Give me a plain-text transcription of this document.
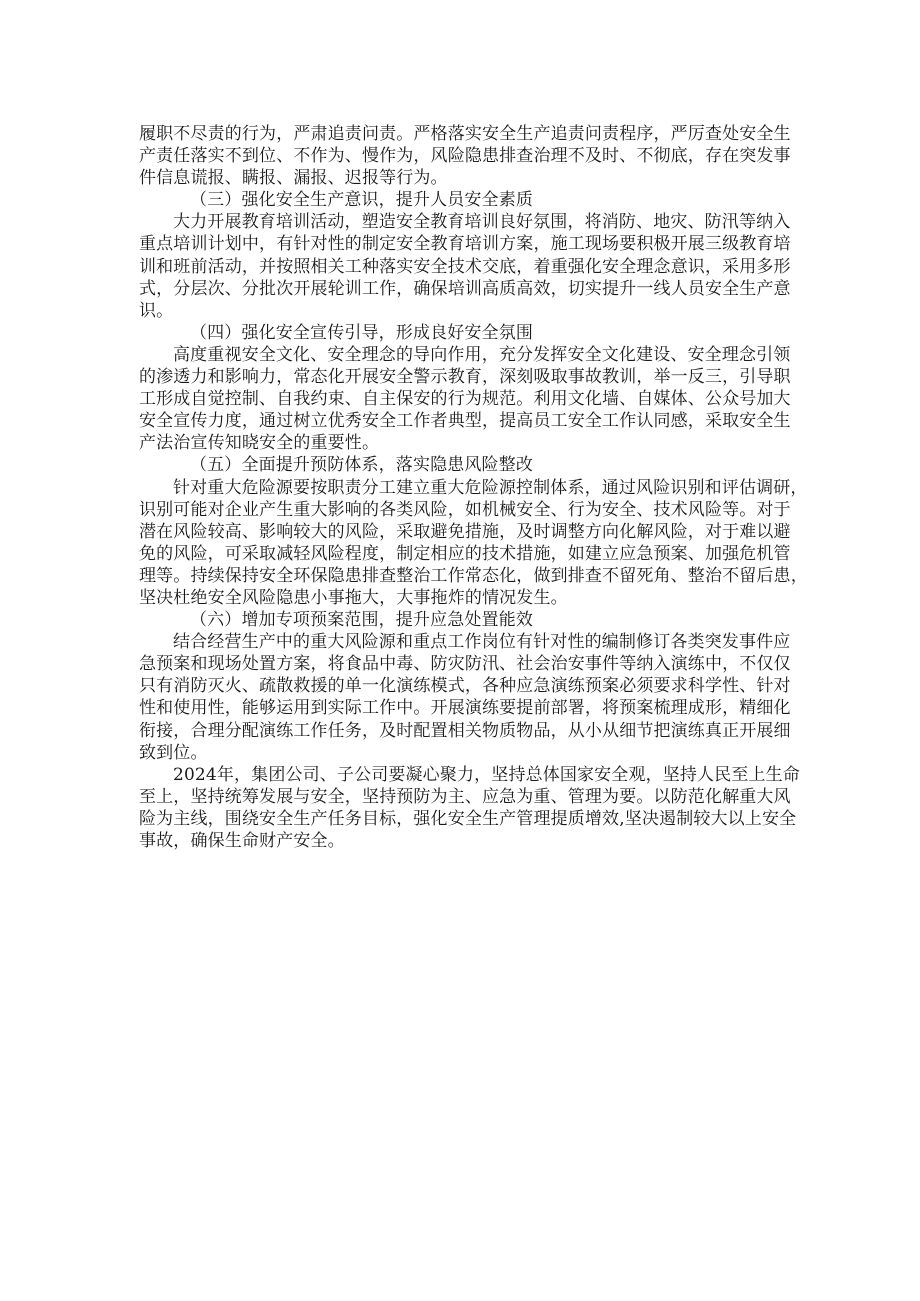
履职不尽责的行为，严肃追责问责。严格落实安全生产追责问责程序，严厉查处安全生

产责任落实不到位、不作为、慢作为，风险隐患排查治理不及时、不彻底，存在突发事

件信息谎报、瞒报、漏报、迟报等行为。

（三）强化安全生产意识，提升人员安全素质

大力开展教育培训活动，塑造安全教育培训良好氛围，将消防、地灾、防汛等纳入

重点培训计划中，有针对性的制定安全教育培训方案，施工现场要积极开展三级教育培

训和班前活动，并按照相关工种落实安全技术交底，着重强化安全理念意识，采用多形

式，分层次、分批次开展轮训工作，确保培训高质高效，切实提升一线人员安全生产意

识。

（四）强化安全宣传引导，形成良好安全氛围

高度重视安全文化、安全理念的导向作用，充分发挥安全文化建设、安全理念引领

的渗透力和影响力，常态化开展安全警示教育，深刻吸取事故教训，举一反三，引导职

工形成自觉控制、自我约束、自主保安的行为规范。利用文化墙、自媒体、公众号加大

安全宣传力度，通过树立优秀安全工作者典型，提高员工安全工作认同感，采取安全生

产法治宣传知晓安全的重要性。

（五）全面提升预防体系，落实隐患风险整改

针对重大危险源要按职责分工建立重大危险源控制体系，通过风险识别和评估调研，

识别可能对企业产生重大影响的各类风险，如机械安全、行为安全、技术风险等。对于

潜在风险较高、影响较大的风险，采取避免措施，及时调整方向化解风险，对于难以避

免的风险，可采取减轻风险程度，制定相应的技术措施，如建立应急预案、加强危机管

理等。持续保持安全环保隐患排查整治工作常态化，做到排查不留死角、整治不留后患，

坚决杜绝安全风险隐患小事拖大，大事拖炸的情况发生。

（六）增加专项预案范围，提升应急处置能效

结合经营生产中的重大风险源和重点工作岗位有针对性的编制修订各类突发事件应

急预案和现场处置方案，将食品中毒、防灾防汛、社会治安事件等纳入演练中，不仅仅

只有消防灭火、疏散救援的单一化演练模式，各种应急演练预案必须要求科学性、针对

性和使用性，能够运用到实际工作中。开展演练要提前部署，将预案梳理成形，精细化

衔接，合理分配演练工作任务，及时配置相关物质物品，从小从细节把演练真正开展细

致到位。

2024年，集团公司、子公司要凝心聚力，坚持总体国家安全观，坚持人民至上生命

至上，坚持统筹发展与安全，坚持预防为主、应急为重、管理为要。以防范化解重大风

险为主线，围绕安全生产任务目标，强化安全生产管理提质增效,坚决遏制较大以上安全

事故，确保生命财产安全。
